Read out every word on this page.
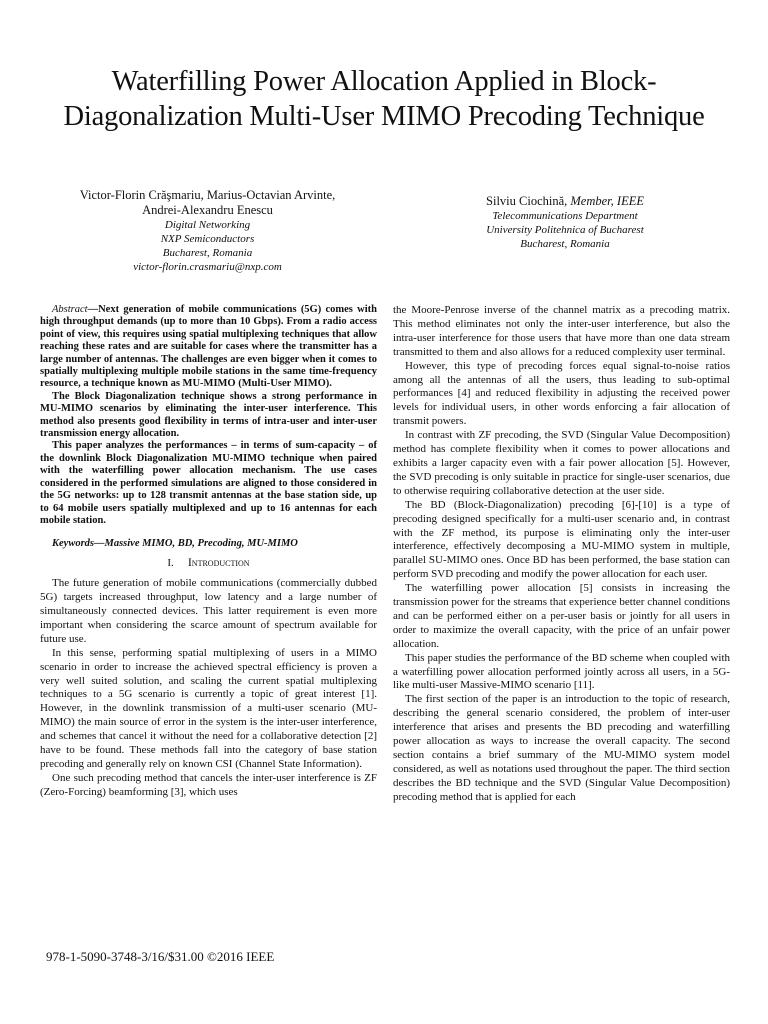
Waterfilling Power Allocation Applied in Block-Diagonalization Multi-User MIMO Precoding Technique
Victor-Florin Crăşmariu, Marius-Octavian Arvinte,
Andrei-Alexandru Enescu
Digital Networking
NXP Semiconductors
Bucharest, Romania
victor-florin.crasmariu@nxp.com
Silviu Ciochină, Member, IEEE
Telecommunications Department
University Politehnica of Bucharest
Bucharest, Romania

Abstract—Next generation of mobile communications (5G) comes with high throughput demands (up to more than 10 Gbps). From a radio access point of view, this requires using spatial multiplexing techniques that allow reaching these rates and are suitable for cases where the transmitter has a large number of antennas. The challenges are even bigger when it comes to spatially multiplexing multiple mobile stations in the same time-frequency resource, a technique known as MU-MIMO (Multi-User MIMO).

The Block Diagonalization technique shows a strong performance in MU-MIMO scenarios by eliminating the inter-user interference. This method also presents good flexibility in terms of intra-user and inter-user transmission energy allocation.

This paper analyzes the performances – in terms of sum-capacity – of the downlink Block Diagonalization MU-MIMO technique when paired with the waterfilling power allocation mechanism. The use cases considered in the performed simulations are aligned to those considered in the 5G networks: up to 128 transmit antennas at the base station side, up to 64 mobile users spatially multiplexed and up to 16 antennas for each mobile station.

Keywords—Massive MIMO, BD, Precoding, MU-MIMO
I. Introduction

The future generation of mobile communications (commercially dubbed 5G) targets increased throughput, low latency and a large number of simultaneously connected devices. This latter requirement is even more important when considering the scarce amount of spectrum available for future use.

In this sense, performing spatial multiplexing of users in a MIMO scenario in order to increase the achieved spectral efficiency is proven a very well suited solution, and scaling the current spatial multiplexing techniques to a 5G scenario is currently a topic of great interest [1]. However, in the downlink transmission of a multi-user scenario (MU-MIMO) the main source of error in the system is the inter-user interference, and schemes that cancel it without the need for a collaborative detection [2] have to be found. These methods fall into the category of base station precoding and generally rely on known CSI (Channel State Information).

One such precoding method that cancels the inter-user interference is ZF (Zero-Forcing) beamforming [3], which uses

the Moore-Penrose inverse of the channel matrix as a precoding matrix. This method eliminates not only the inter-user interference, but also the intra-user interference for those users that have more than one data stream transmitted to them and also allows for a reduced complexity user terminal.

However, this type of precoding forces equal signal-to-noise ratios among all the antennas of all the users, thus leading to sub-optimal performances [4] and reduced flexibility in adjusting the received power levels for individual users, in other words enforcing a fair allocation of transmit powers.

In contrast with ZF precoding, the SVD (Singular Value Decomposition) method has complete flexibility when it comes to power allocations and exhibits a larger capacity even with a fair power allocation [5]. However, the SVD precoding is only suitable in practice for single-user scenarios, due to otherwise requiring collaborative detection at the user side.

The BD (Block-Diagonalization) precoding [6]-[10] is a type of precoding designed specifically for a multi-user scenario and, in contrast with the ZF method, its purpose is eliminating only the inter-user interference, effectively decomposing a MU-MIMO system in multiple, parallel SU-MIMO ones. Once BD has been performed, the base station can perform SVD precoding and modify the power allocation for each user.

The waterfilling power allocation [5] consists in increasing the transmission power for the streams that experience better channel conditions and can be performed either on a per-user basis or jointly for all users in order to maximize the overall capacity, with the price of an unfair power allocation.

This paper studies the performance of the BD scheme when coupled with a waterfilling power allocation performed jointly across all users, in a 5G-like multi-user Massive-MIMO scenario [11].

The first section of the paper is an introduction to the topic of research, describing the general scenario considered, the problem of inter-user interference that arises and presents the BD precoding and waterfilling power allocation as ways to increase the overall capacity. The second section contains a brief summary of the MU-MIMO system model considered, as well as notations used throughout the paper. The third section describes the BD technique and the SVD (Singular Value Decomposition) precoding method that is applied for each

978-1-5090-3748-3/16/$31.00 ©2016 IEEE
